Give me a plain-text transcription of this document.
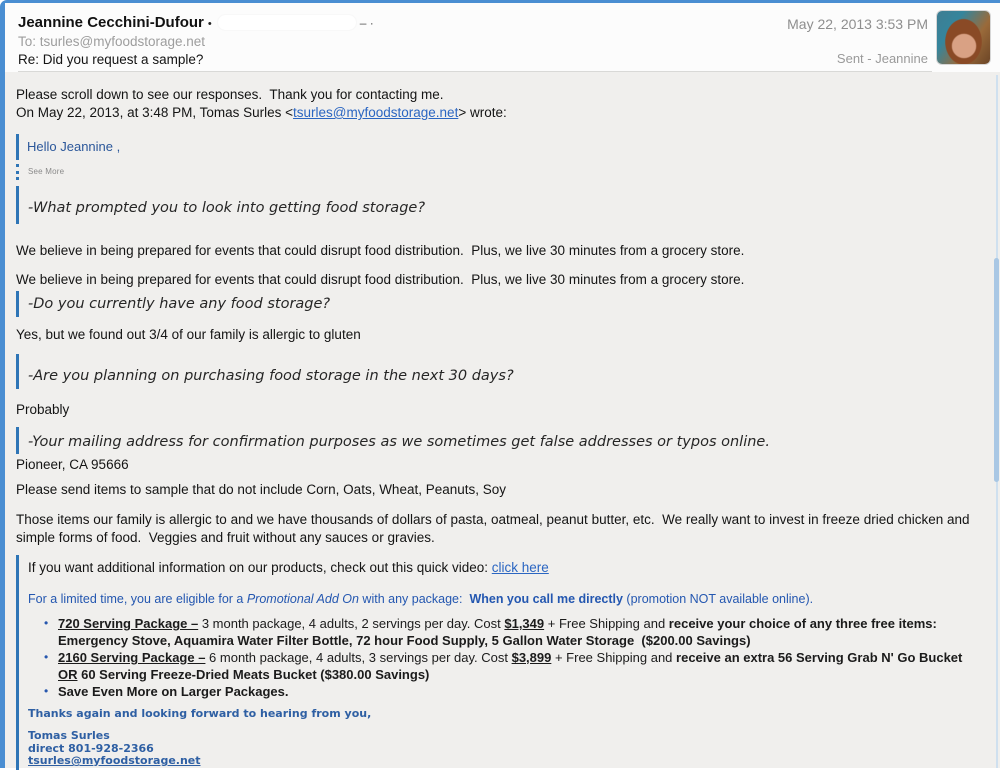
Jeannine Cecchini-Dufour •	– ·
To: tsurles@myfoodstorage.net
Re: Did you request a sample?
May 22, 2013 3:53 PM
Sent - Jeannine

Please scroll down to see our responses.  Thank you for contacting me.

On May 22, 2013, at 3:48 PM, Tomas Surles <tsurles@myfoodstorage.net> wrote:

Hello Jeannine ,
See More
-What prompted you to look into getting food storage?

We believe in being prepared for events that could disrupt food distribution.  Plus, we live 30 minutes from a grocery store.

We believe in being prepared for events that could disrupt food distribution.  Plus, we live 30 minutes from a grocery store.

-Do you currently have any food storage?

Yes, but we found out 3/4 of our family is allergic to gluten

-Are you planning on purchasing food storage in the next 30 days?

Probably

-Your mailing address for confirmation purposes as we sometimes get false addresses or typos online.

Pioneer, CA 95666

Please send items to sample that do not include Corn, Oats, Wheat, Peanuts, Soy

Those items our family is allergic to and we have thousands of dollars of pasta, oatmeal, peanut butter, etc.  We really want to invest in freeze dried chicken and simple forms of food.  Veggies and fruit without any sauces or gravies.

If you want additional information on our products, check out this quick video: click here

For a limited time, you are eligible for a Promotional Add On with any package:  When you call me directly (promotion NOT available online).

• 720 Serving Package – 3 month package, 4 adults, 2 servings per day. Cost $1,349 + Free Shipping and receive your choice of any three free items: Emergency Stove, Aquamira Water Filter Bottle, 72 hour Food Supply, 5 Gallon Water Storage  ($200.00 Savings)
• 2160 Serving Package – 6 month package, 4 adults, 3 servings per day. Cost $3,899 + Free Shipping and receive an extra 56 Serving Grab N' Go Bucket OR 60 Serving Freeze-Dried Meats Bucket ($380.00 Savings)
• Save Even More on Larger Packages.

Thanks again and looking forward to hearing from you,

Tomas Surles
direct 801-928-2366
tsurles@myfoodstorage.net
